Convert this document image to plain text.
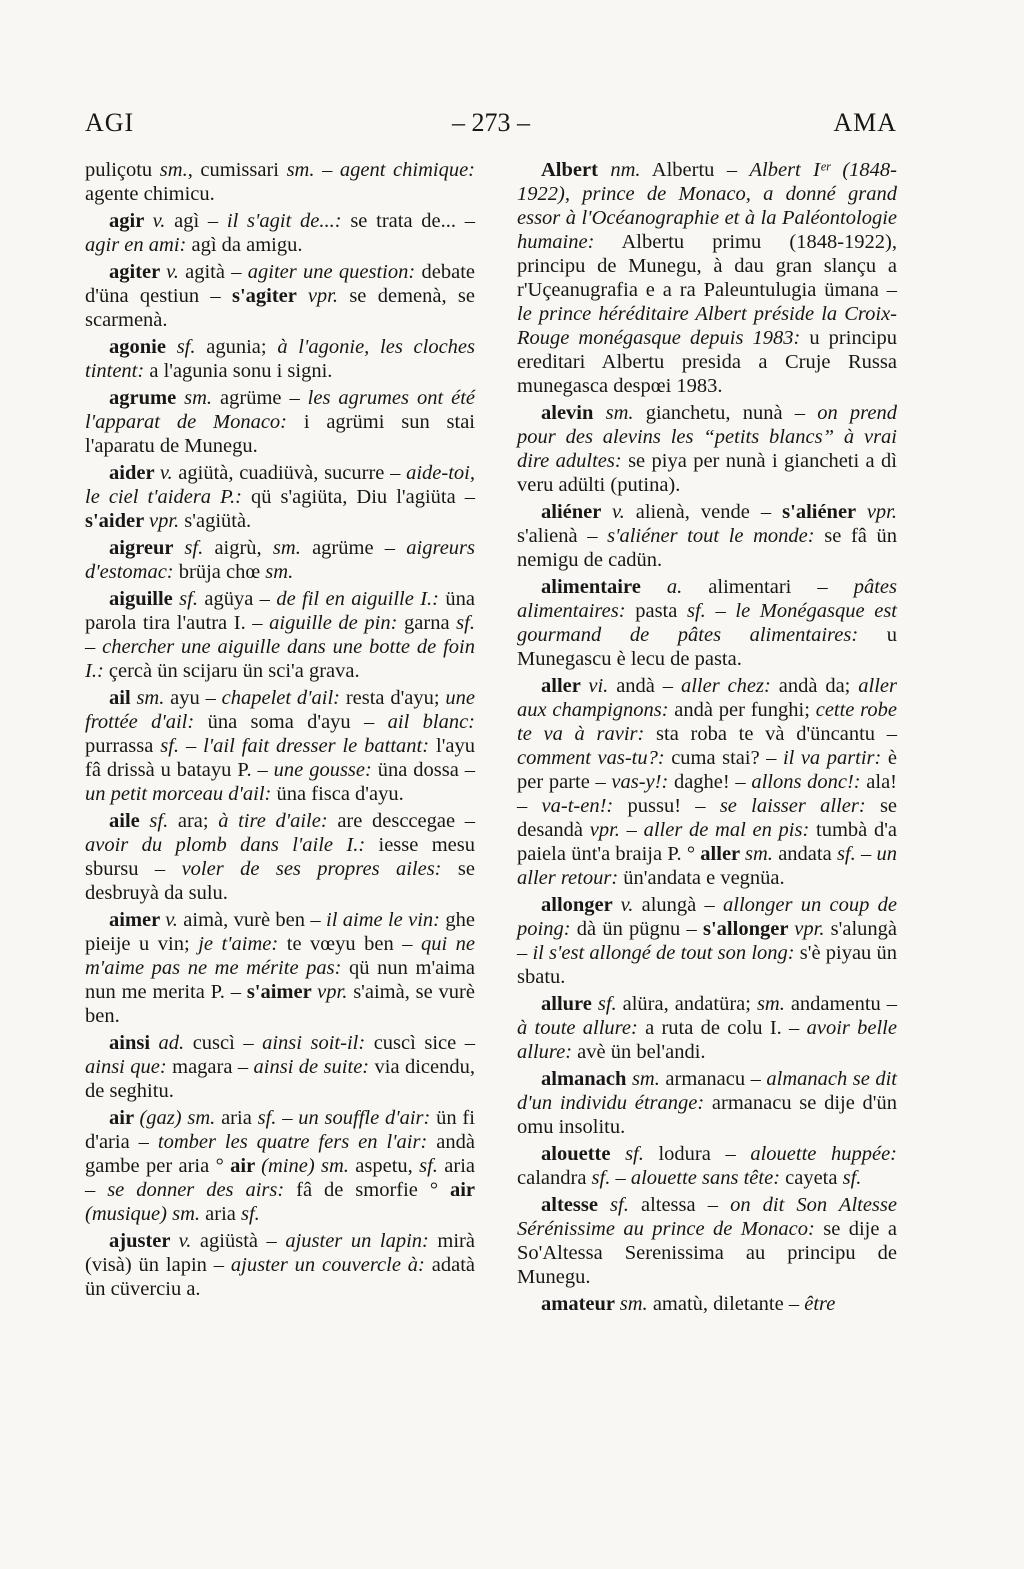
AGI	– 273 –	AMA

puliçotu sm., cumissari sm. – agent chimique: agente chimicu.

agir v. agì – il s'agit de...: se trata de... – agir en ami: agì da amigu.

agiter v. agità – agiter une question: debate d'üna qestiun – s'agiter vpr. se demenà, se scarmenà.

agonie sf. agunia; à l'agonie, les cloches tintent: a l'agunia sonu i signi.

agrume sm. agrüme – les agrumes ont été l'apparat de Monaco: i agrümi sun stai l'aparatu de Munegu.

aider v. agiütà, cuadiüvà, sucurre – aide-toi, le ciel t'aidera P.: qü s'agiüta, Diu l'agiüta – s'aider vpr. s'agiütà.

aigreur sf. aigrù, sm. agrüme – aigreurs d'estomac: brüja chœ sm.

aiguille sf. agüya – de fil en aiguille I.: üna parola tira l'autra I. – aiguille de pin: garna sf. – chercher une aiguille dans une botte de foin I.: çercà ün scijaru ün sci'a grava.

ail sm. ayu – chapelet d'ail: resta d'ayu; une frottée d'ail: üna soma d'ayu – ail blanc: purrassa sf. – l'ail fait dresser le battant: l'ayu fâ drissà u batayu P. – une gousse: üna dossa – un petit morceau d'ail: üna fisca d'ayu.

aile sf. ara; à tire d'aile: are desccegae – avoir du plomb dans l'aile I.: iesse mesu sbursu – voler de ses propres ailes: se desbruyà da sulu.

aimer v. aimà, vurè ben – il aime le vin: ghe pieije u vin; je t'aime: te vœyu ben – qui ne m'aime pas ne me mérite pas: qü nun m'aima nun me merita P. – s'aimer vpr. s'aimà, se vurè ben.

ainsi ad. cuscì – ainsi soit-il: cuscì sice – ainsi que: magara – ainsi de suite: via dicendu, de seghitu.

air (gaz) sm. aria sf. – un souffle d'air: ün fi d'aria – tomber les quatre fers en l'air: andà gambe per aria ° air (mine) sm. aspetu, sf. aria – se donner des airs: fâ de smorfie ° air (musique) sm. aria sf.

ajuster v. agiüstà – ajuster un lapin: mirà (visà) ün lapin – ajuster un couvercle à: adatà ün cüverciu a.

Albert nm. Albertu – Albert Iᵉʳ (1848-1922), prince de Monaco, a donné grand essor à l'Océanographie et à la Paléontologie humaine: Albertu primu (1848-1922), principu de Munegu, à dau gran slançu a r'Uçeanugrafia e a ra Paleuntulugia ümana – le prince héréditaire Albert préside la Croix-Rouge monégasque depuis 1983: u principu ereditari Albertu presida a Cruje Russa munegasca despœi 1983.

alevin sm. gianchetu, nunà – on prend pour des alevins les “petits blancs” à vrai dire adultes: se piya per nunà i giancheti a dì veru adülti (putina).

aliéner v. alienà, vende – s'aliéner vpr. s'alienà – s'aliéner tout le monde: se fâ ün nemigu de cadün.

alimentaire a. alimentari – pâtes alimentaires: pasta sf. – le Monégasque est gourmand de pâtes alimentaires: u Munegascu è lecu de pasta.

aller vi. andà – aller chez: andà da; aller aux champignons: andà per funghi; cette robe te va à ravir: sta roba te và d'üncantu – comment vas-tu?: cuma stai? – il va partir: è per parte – vas-y!: daghe! – allons donc!: ala! – va-t-en!: pussu! – se laisser aller: se desandà vpr. – aller de mal en pis: tumbà d'a paiela ünt'a braija P. ° aller sm. andata sf. – un aller retour: ün'andata e vegnüa.

allonger v. alungà – allonger un coup de poing: dà ün pügnu – s'allonger vpr. s'alungà – il s'est allongé de tout son long: s'è piyau ün sbatu.

allure sf. alüra, andatüra; sm. andamentu – à toute allure: a ruta de colu I. – avoir belle allure: avè ün bel'andi.

almanach sm. armanacu – almanach se dit d'un individu étrange: armanacu se dije d'ün omu insolitu.

alouette sf. lodura – alouette huppée: calandra sf. – alouette sans tête: cayeta sf.

altesse sf. altessa – on dit Son Altesse Sérénissime au prince de Monaco: se dije a So'Altessa Serenissima au principu de Munegu.

amateur sm. amatù, diletante – être
